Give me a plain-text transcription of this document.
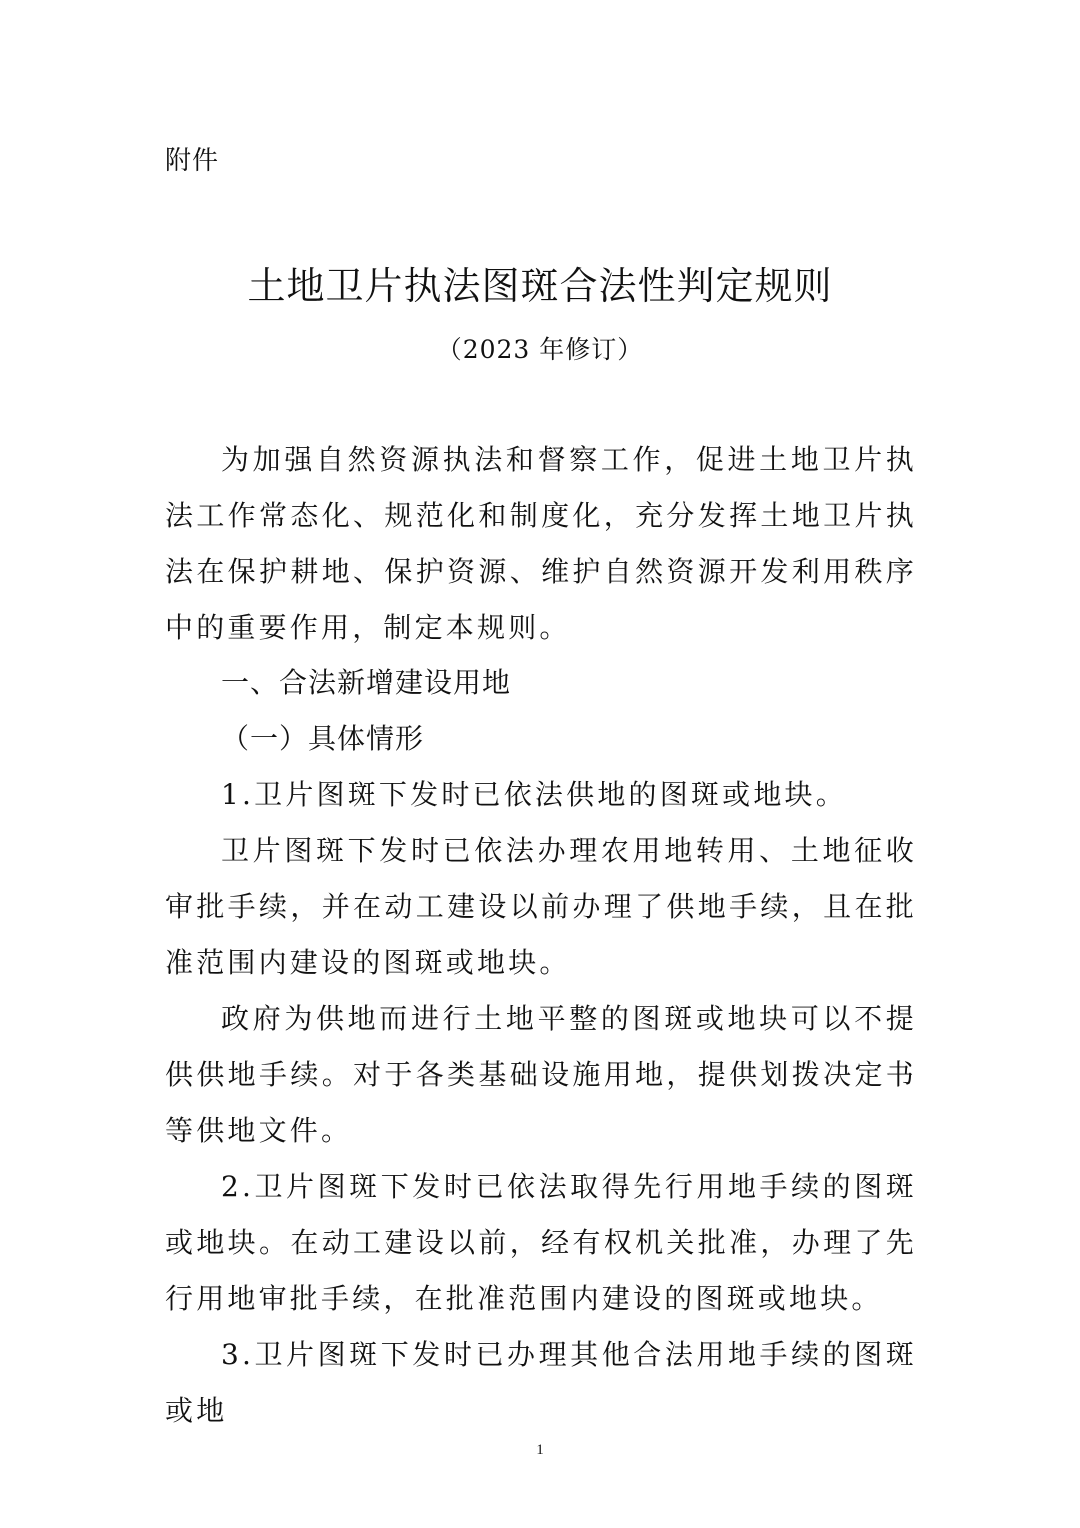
附件
土地卫片执法图斑合法性判定规则
（2023 年修订）

为加强自然资源执法和督察工作，促进土地卫片执法工作常态化、规范化和制度化，充分发挥土地卫片执法在保护耕地、保护资源、维护自然资源开发利用秩序中的重要作用，制定本规则。

一、合法新增建设用地

（一）具体情形

1.卫片图斑下发时已依法供地的图斑或地块。

卫片图斑下发时已依法办理农用地转用、土地征收审批手续，并在动工建设以前办理了供地手续，且在批准范围内建设的图斑或地块。

政府为供地而进行土地平整的图斑或地块可以不提供供地手续。对于各类基础设施用地，提供划拨决定书等供地文件。

2.卫片图斑下发时已依法取得先行用地手续的图斑或地块。在动工建设以前，经有权机关批准，办理了先行用地审批手续，在批准范围内建设的图斑或地块。

3.卫片图斑下发时已办理其他合法用地手续的图斑或地

1
